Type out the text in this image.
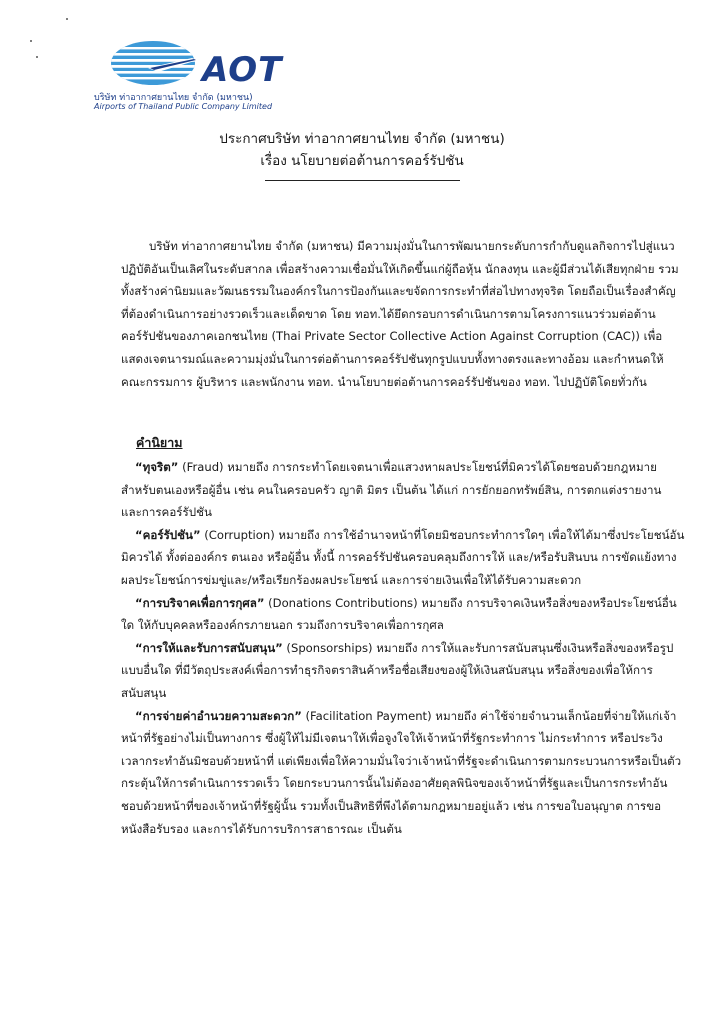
AOT
บริษัท ท่าอากาศยานไทย จำกัด (มหาชน)
Airports of Thailand Public Company Limited
ประกาศบริษัท ท่าอากาศยานไทย จำกัด (มหาชน)
เรื่อง นโยบายต่อต้านการคอร์รัปชัน
บริษัท ท่าอากาศยานไทย จำกัด (มหาชน) มีความมุ่งมั่นในการพัฒนายกระดับการกำกับดูแลกิจการไปสู่แนวปฏิบัติอันเป็นเลิศในระดับสากล เพื่อสร้างความเชื่อมั่นให้เกิดขึ้นแก่ผู้ถือหุ้น นักลงทุน และผู้มีส่วนได้เสียทุกฝ่าย รวมทั้งสร้างค่านิยมและวัฒนธรรมในองค์กรในการป้องกันและขจัดการกระทำที่ส่อไปทางทุจริต โดยถือเป็นเรื่องสำคัญที่ต้องดำเนินการอย่างรวดเร็วและเด็ดขาด โดย ทอท.ได้ยึดกรอบการดำเนินการตามโครงการแนวร่วมต่อต้านคอร์รัปชันของภาคเอกชนไทย (Thai Private Sector Collective Action Against Corruption (CAC)) เพื่อแสดงเจตนารมณ์และความมุ่งมั่นในการต่อต้านการคอร์รัปชันทุกรูปแบบทั้งทางตรงและทางอ้อม และกำหนดให้คณะกรรมการ ผู้บริหาร และพนักงาน ทอท. นำนโยบายต่อต้านการคอร์รัปชันของ ทอท. ไปปฏิบัติโดยทั่วกัน
คำนิยาม

“ทุจริต” (Fraud) หมายถึง การกระทำโดยเจตนาเพื่อแสวงหาผลประโยชน์ที่มิควรได้โดยชอบด้วยกฎหมายสำหรับตนเองหรือผู้อื่น เช่น คนในครอบครัว ญาติ มิตร เป็นต้น ได้แก่ การยักยอกทรัพย์สิน, การตกแต่งรายงาน และการคอร์รัปชัน

“คอร์รัปชัน” (Corruption) หมายถึง การใช้อำนาจหน้าที่โดยมิชอบกระทำการใดๆ เพื่อให้ได้มาซึ่งประโยชน์อันมิควรได้ ทั้งต่อองค์กร ตนเอง หรือผู้อื่น ทั้งนี้ การคอร์รัปชันครอบคลุมถึงการให้ และ/หรือรับสินบน การขัดแย้งทางผลประโยชน์การข่มขู่และ/หรือเรียกร้องผลประโยชน์ และการจ่ายเงินเพื่อให้ได้รับความสะดวก

“การบริจาคเพื่อการกุศล” (Donations Contributions) หมายถึง การบริจาคเงินหรือสิ่งของหรือประโยชน์อื่นใด ให้กับบุคคลหรือองค์กรภายนอก รวมถึงการบริจาคเพื่อการกุศล

“การให้และรับการสนับสนุน” (Sponsorships) หมายถึง การให้และรับการสนับสนุนซึ่งเงินหรือสิ่งของหรือรูปแบบอื่นใด ที่มีวัตถุประสงค์เพื่อการทำธุรกิจตราสินค้าหรือชื่อเสียงของผู้ให้เงินสนับสนุน หรือสิ่งของเพื่อให้การสนับสนุน

“การจ่ายค่าอำนวยความสะดวก” (Facilitation Payment) หมายถึง ค่าใช้จ่ายจำนวนเล็กน้อยที่จ่ายให้แก่เจ้าหน้าที่รัฐอย่างไม่เป็นทางการ ซึ่งผู้ให้ไม่มีเจตนาให้เพื่อจูงใจให้เจ้าหน้าที่รัฐกระทำการ ไม่กระทำการ หรือประวิงเวลากระทำอันมิชอบด้วยหน้าที่ แต่เพียงเพื่อให้ความมั่นใจว่าเจ้าหน้าที่รัฐจะดำเนินการตามกระบวนการหรือเป็นตัวกระตุ้นให้การดำเนินการรวดเร็ว โดยกระบวนการนั้นไม่ต้องอาศัยดุลพินิจของเจ้าหน้าที่รัฐและเป็นการกระทำอันชอบด้วยหน้าที่ของเจ้าหน้าที่รัฐผู้นั้น รวมทั้งเป็นสิทธิที่พึงได้ตามกฎหมายอยู่แล้ว เช่น การขอใบอนุญาต การขอหนังสือรับรอง และการได้รับการบริการสาธารณะ เป็นต้น
